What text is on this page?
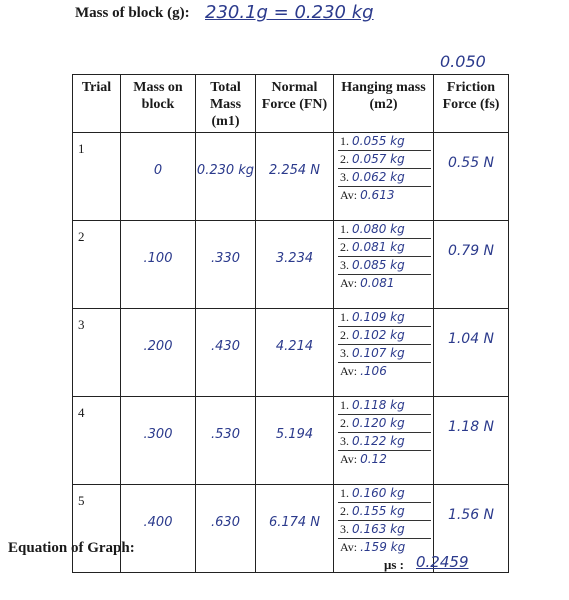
Mass of block (g): 230.1g = 0.230 kg
0.050
Trial	Mass on block	Total Mass (m1)	Normal Force (FN)	Hanging mass (m2)	Friction Force (fs)

1	0	0.230 kg	2.254 N	1. 0.055 kg
2. 0.057 kg
3. 0.062 kg
Av: 0.613	0.55 N

2	.100	.330	3.234	1. 0.080 kg
2. 0.081 kg
3. 0.085 kg
Av: 0.081	0.79 N

3	.200	.430	4.214	1. 0.109 kg
2. 0.102 kg
3. 0.107 kg
Av: .106	1.04 N

4	.300	.530	5.194	1. 0.118 kg
2. 0.120 kg
3. 0.122 kg
Av: 0.12	1.18 N

5	.400	.630	6.174 N	1. 0.160 kg
2. 0.155 kg
3. 0.163 kg
Av: .159 kg	1.56 N
Equation of Graph:
μs : 0.2459
